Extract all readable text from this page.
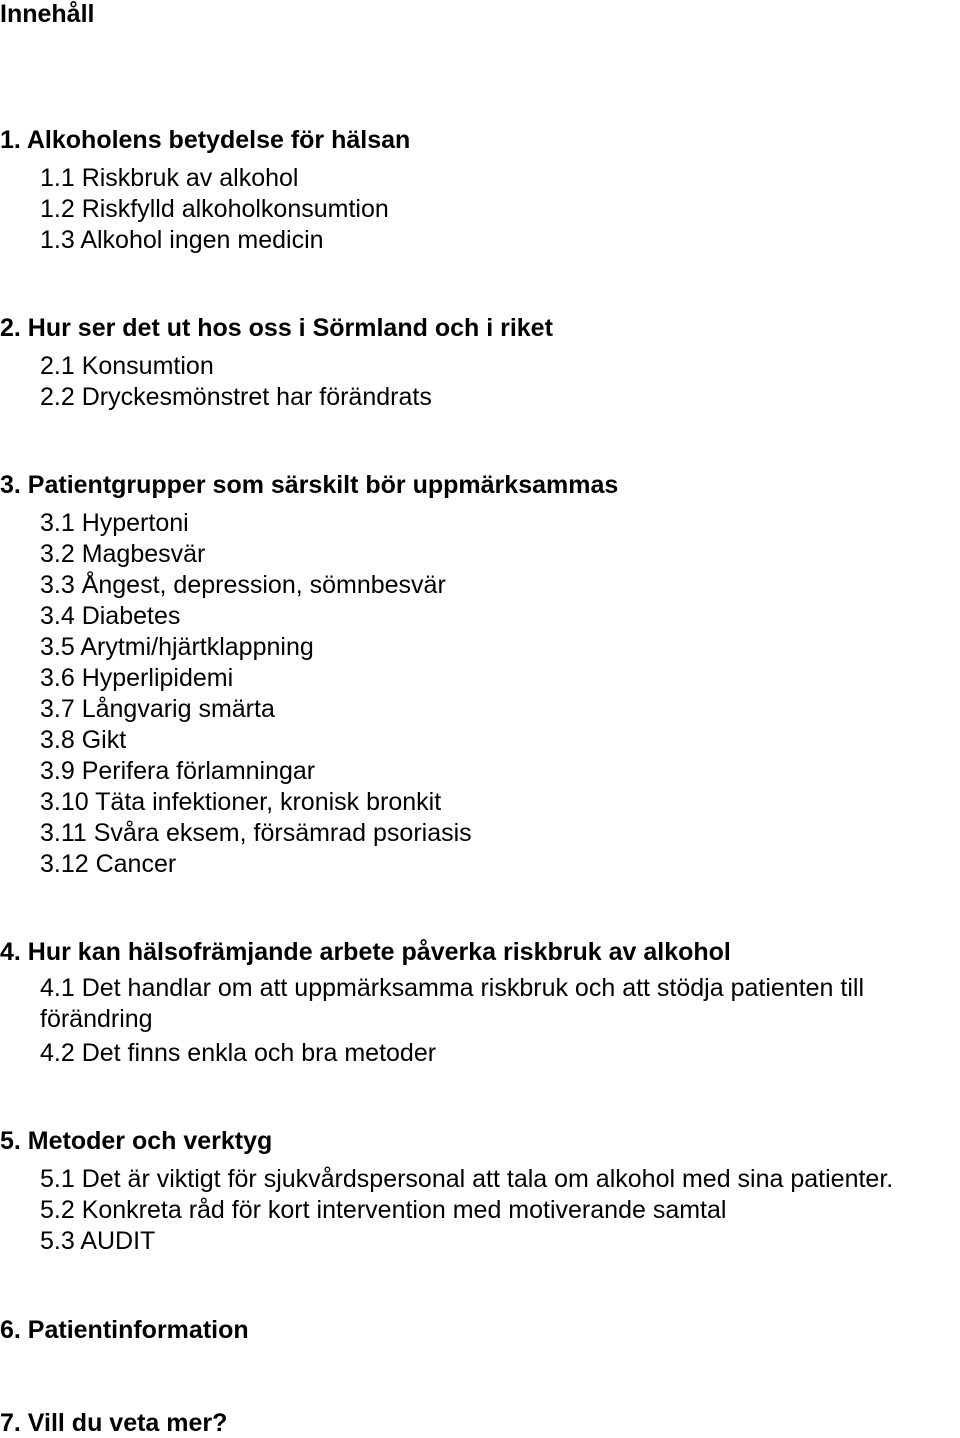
Innehåll
1. Alkoholens betydelse för hälsan
1.1 Riskbruk av alkohol
1.2 Riskfylld alkoholkonsumtion
1.3 Alkohol ingen medicin
2. Hur ser det ut hos oss i Sörmland och i riket
2.1 Konsumtion
2.2 Dryckesmönstret har förändrats
3. Patientgrupper som särskilt bör uppmärksammas
3.1 Hypertoni
3.2 Magbesvär
3.3 Ångest, depression, sömnbesvär
3.4 Diabetes
3.5 Arytmi/hjärtklappning
3.6 Hyperlipidemi
3.7 Långvarig smärta
3.8 Gikt
3.9 Perifera förlamningar
3.10 Täta infektioner, kronisk bronkit
3.11 Svåra eksem, försämrad psoriasis
3.12 Cancer
4. Hur kan hälsofrämjande arbete påverka riskbruk av alkohol
4.1 Det handlar om att uppmärksamma riskbruk och att stödja patienten till förändring
4.2 Det finns enkla och bra metoder
5. Metoder och verktyg
5.1 Det är viktigt för sjukvårdspersonal att tala om alkohol med sina patienter.
5.2 Konkreta råd för kort intervention med motiverande samtal
5.3 AUDIT
6. Patientinformation
7. Vill du veta mer?
